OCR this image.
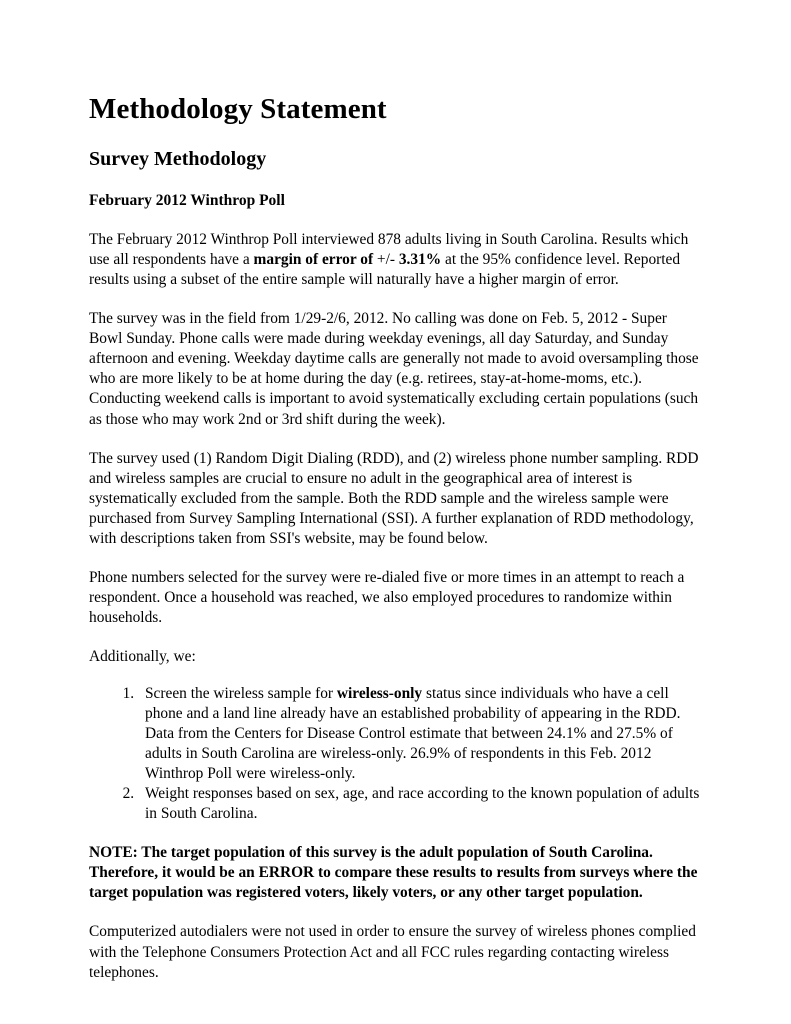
Methodology Statement
Survey Methodology
February 2012 Winthrop Poll

The February 2012 Winthrop Poll interviewed 878 adults living in South Carolina. Results which use all respondents have a margin of error of +/- 3.31% at the 95% confidence level. Reported results using a subset of the entire sample will naturally have a higher margin of error.

The survey was in the field from 1/29-2/6, 2012. No calling was done on Feb. 5, 2012 - Super Bowl Sunday. Phone calls were made during weekday evenings, all day Saturday, and Sunday afternoon and evening. Weekday daytime calls are generally not made to avoid oversampling those who are more likely to be at home during the day (e.g. retirees, stay-at-home-moms, etc.). Conducting weekend calls is important to avoid systematically excluding certain populations (such as those who may work 2nd or 3rd shift during the week).

The survey used (1) Random Digit Dialing (RDD), and (2) wireless phone number sampling. RDD and wireless samples are crucial to ensure no adult in the geographical area of interest is systematically excluded from the sample. Both the RDD sample and the wireless sample were purchased from Survey Sampling International (SSI). A further explanation of RDD methodology, with descriptions taken from SSI's website, may be found below.

Phone numbers selected for the survey were re-dialed five or more times in an attempt to reach a respondent. Once a household was reached, we also employed procedures to randomize within households.

Additionally, we:

1. Screen the wireless sample for wireless-only status since individuals who have a cell phone and a land line already have an established probability of appearing in the RDD. Data from the Centers for Disease Control estimate that between 24.1% and 27.5% of adults in South Carolina are wireless-only. 26.9% of respondents in this Feb. 2012 Winthrop Poll were wireless-only.
2. Weight responses based on sex, age, and race according to the known population of adults in South Carolina.

NOTE: The target population of this survey is the adult population of South Carolina. Therefore, it would be an ERROR to compare these results to results from surveys where the target population was registered voters, likely voters, or any other target population.

Computerized autodialers were not used in order to ensure the survey of wireless phones complied with the Telephone Consumers Protection Act and all FCC rules regarding contacting wireless telephones.
